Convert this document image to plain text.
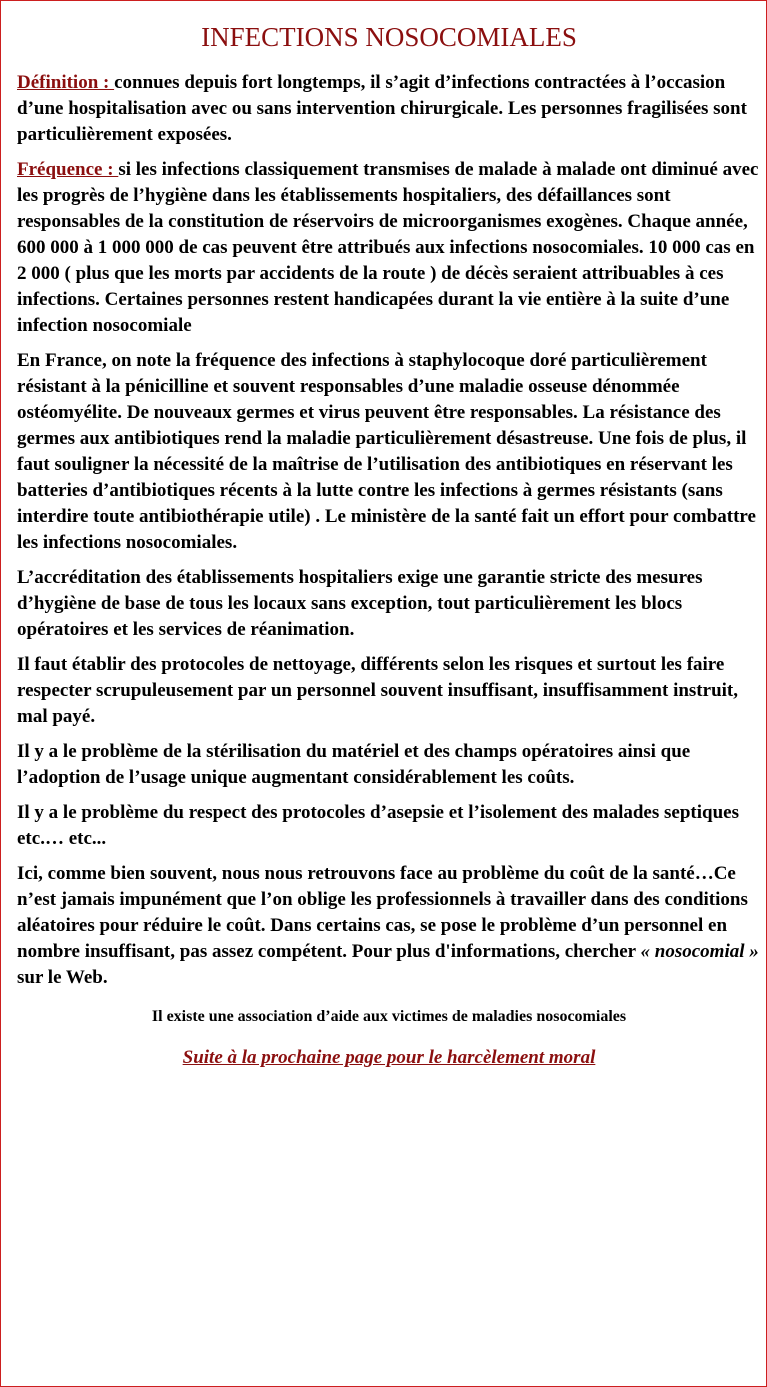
INFECTIONS NOSOCOMIALES

Définition : connues depuis fort longtemps, il s’agit d’infections contractées à l’occasion d’une hospitalisation avec ou sans intervention chirurgicale. Les personnes fragilisées sont particulièrement exposées.

Fréquence : si les infections classiquement transmises de malade à malade ont diminué avec les progrès de l’hygiène dans les établissements hospitaliers, des défaillances sont responsables de la constitution de réservoirs de microorganismes exogènes. Chaque année, 600 000 à 1 000 000 de cas peuvent être attribués aux infections nosocomiales. 10 000 cas en 2 000 ( plus que les morts par accidents de la route ) de décès seraient attribuables à ces infections. Certaines personnes restent handicapées durant la vie entière à la suite d’une infection nosocomiale

En France, on note la fréquence des infections à staphylocoque doré particulièrement résistant à la pénicilline et souvent responsables d’une maladie osseuse dénommée ostéomyélite. De nouveaux germes et virus peuvent être responsables. La résistance des germes aux antibiotiques rend la maladie particulièrement désastreuse. Une fois de plus, il faut souligner la nécessité de la maîtrise de l’utilisation des antibiotiques en réservant les batteries d’antibiotiques récents à la lutte contre les infections à germes résistants (sans interdire toute antibiothérapie utile) . Le ministère de la santé fait un effort pour combattre les infections nosocomiales.

L’accréditation des établissements hospitaliers exige une garantie stricte des mesures d’hygiène de base de tous les locaux sans exception, tout particulièrement les blocs opératoires et les services de réanimation.

Il faut établir des protocoles de nettoyage, différents selon les risques et surtout les faire respecter scrupuleusement par un personnel souvent insuffisant, insuffisamment instruit, mal payé.

Il y a le problème de la stérilisation du matériel et des champs opératoires ainsi que l’adoption de l’usage unique augmentant considérablement les coûts.

Il y a le problème du respect des protocoles d’asepsie et l’isolement des malades septiques etc.… etc...

Ici, comme bien souvent, nous nous retrouvons face au problème du coût de la santé…Ce n’est jamais impunément que l’on oblige les professionnels à travailler dans des conditions aléatoires pour réduire le coût. Dans certains cas, se pose le problème d’un personnel en nombre insuffisant, pas assez compétent. Pour plus d'informations, chercher « nosocomial » sur le Web.

Il existe une association d’aide aux victimes de maladies nosocomiales

Suite à la prochaine page pour le harcèlement moral
